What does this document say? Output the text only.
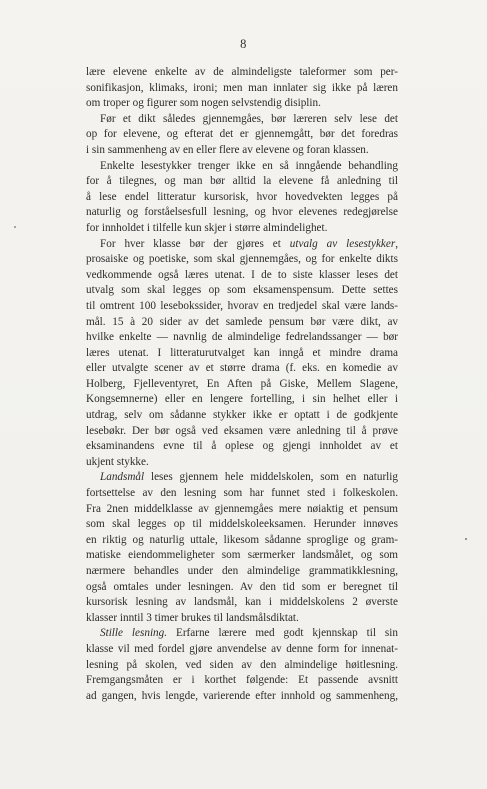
8
lære elevene enkelte av de almindeligste taleformer som per-
sonifikasjon, klimaks, ironi; men man innlater sig ikke på læren
om troper og figurer som nogen selvstendig disiplin.
Før et dikt således gjennemgåes, bør læreren selv lese det
op for elevene, og efterat det er gjennemgått, bør det foredras
i sin sammenheng av en eller flere av elevene og foran klassen.
Enkelte lesestykker trenger ikke en så inngående behandling
for å tilegnes, og man bør alltid la elevene få anledning til
å lese endel litteratur kursorisk, hvor hovedvekten legges på
naturlig og forståelsesfull lesning, og hvor elevenes redegjørelse
for innholdet i tilfelle kun skjer i større almindelighet.
For hver klasse bør der gjøres et utvalg av lesestykker,
prosaiske og poetiske, som skal gjennemgåes, og for enkelte dikts
vedkommende også læres utenat. I de to siste klasser leses det
utvalg som skal legges op som eksamenspensum. Dette settes
til omtrent 100 lesebokssider, hvorav en tredjedel skal være lands-
mål. 15 à 20 sider av det samlede pensum bør være dikt, av
hvilke enkelte — navnlig de almindelige fedrelandssanger — bør
læres utenat. I litteraturutvalget kan inngå et mindre drama
eller utvalgte scener av et større drama (f. eks. en komedie av
Holberg, Fjelleventyret, En Aften på Giske, Mellem Slagene,
Kongsemnerne) eller en lengere fortelling, i sin helhet eller i
utdrag, selv om sådanne stykker ikke er optatt i de godkjente
lesebøkr. Der bør også ved eksamen være anledning til å prøve
eksaminandens evne til å oplese og gjengi innholdet av et
ukjent stykke.
Landsmål leses gjennem hele middelskolen, som en naturlig
fortsettelse av den lesning som har funnet sted i folkeskolen.
Fra 2nen middelklasse av gjennemgåes mere nøiaktig et pensum
som skal legges op til middelskoleeksamen. Herunder innøves
en riktig og naturlig uttale, likesom sådanne sproglige og gram-
matiske eiendommeligheter som særmerker landsmålet, og som
nærmere behandles under den almindelige grammatikklesning,
også omtales under lesningen. Av den tid som er beregnet til
kursorisk lesning av landsmål, kan i middelskolens 2 øverste
klasser inntil 3 timer brukes til landsmålsdiktat.
Stille lesning. Erfarne lærere med godt kjennskap til sin
klasse vil med fordel gjøre anvendelse av denne form for innenat-
lesning på skolen, ved siden av den almindelige høitlesning.
Fremgangsmåten er i korthet følgende: Et passende avsnitt
ad gangen, hvis lengde, varierende efter innhold og sammenheng,
